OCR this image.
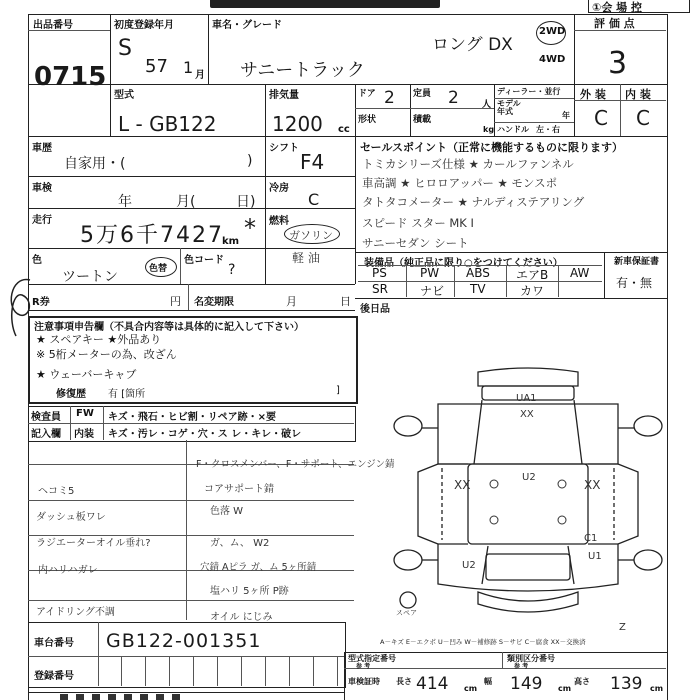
①会 場 控
出品番号
0715
初度登録年月
S
57 1 月
車名・グレード
サニートラック
ロング DX
2WD
4WD
評 価 点
3
型式
L - GB122
排気量
1200 cc
ドア 2 定員 2	人
形状	積載
kg
ディーラー・並行
モデル年式	年
ハンドル 左・右
外 装 内 装
C C
車歴
自家用・(	)
シフト
F4
車検
年	月(	日)
冷房
C
走行
5万6千7427
km * 燃料
ガソリン
軽 油
色
ツートン	色替
色コード
?
セールスポイント（正常に機能するものに限ります）
トミカシリーズ仕様 ★ カールファンネル
車高調 ★ ヒロロアッパー ★ モンスポ
タトタコメーター ★ ナルディステアリング
スピード スター MK I
サニーセダン シート
装備品（純正品に限り○をつけてください）	新車保証書
有・無
PS	PW ABS エアB AW
SR	ナビ TV	カワ
後日品
R券	円 名変期限	月	日
注意事項申告欄（不具合内容等は具体的に記入して下さい）
★ スペアキー ★外品あり
※ 5桁メーターの為、改ざん
★ ウェーバーキャブ
修復歴 有 [箇所	]
検査員
記入欄
FW キズ・飛石・ヒビ割・リペア跡・×要
内装 キズ・汚レ・コゲ・穴・ス レ・キレ・破レ
ヘコミ5
ダッシュ板ワレ
ラジエーターオイル垂れ?
内ハリハガレ
アイドリング不調
F・クロスメンバー、F・サポート、エンジン錆
コアサポート錆
色落 W
ガ、ム、 W2
穴錆 Aピラ ガ、ム 5ヶ所錆
塩ハリ 5ヶ所 P跡
オイル にじみ
UA1
XX
XX
U2
XX
U2
C1
U1
スペア
Z
A－キズ E－エクボ U－凹み W－補修跡 S－サビ C－腐食 XX－交換済
車台番号 GB122-001351
登録番号
型式指定番号
参 考
類別区分番号
参 考
車検証時 長さ 414 cm
幅 149 cm
高さ 139 cm
